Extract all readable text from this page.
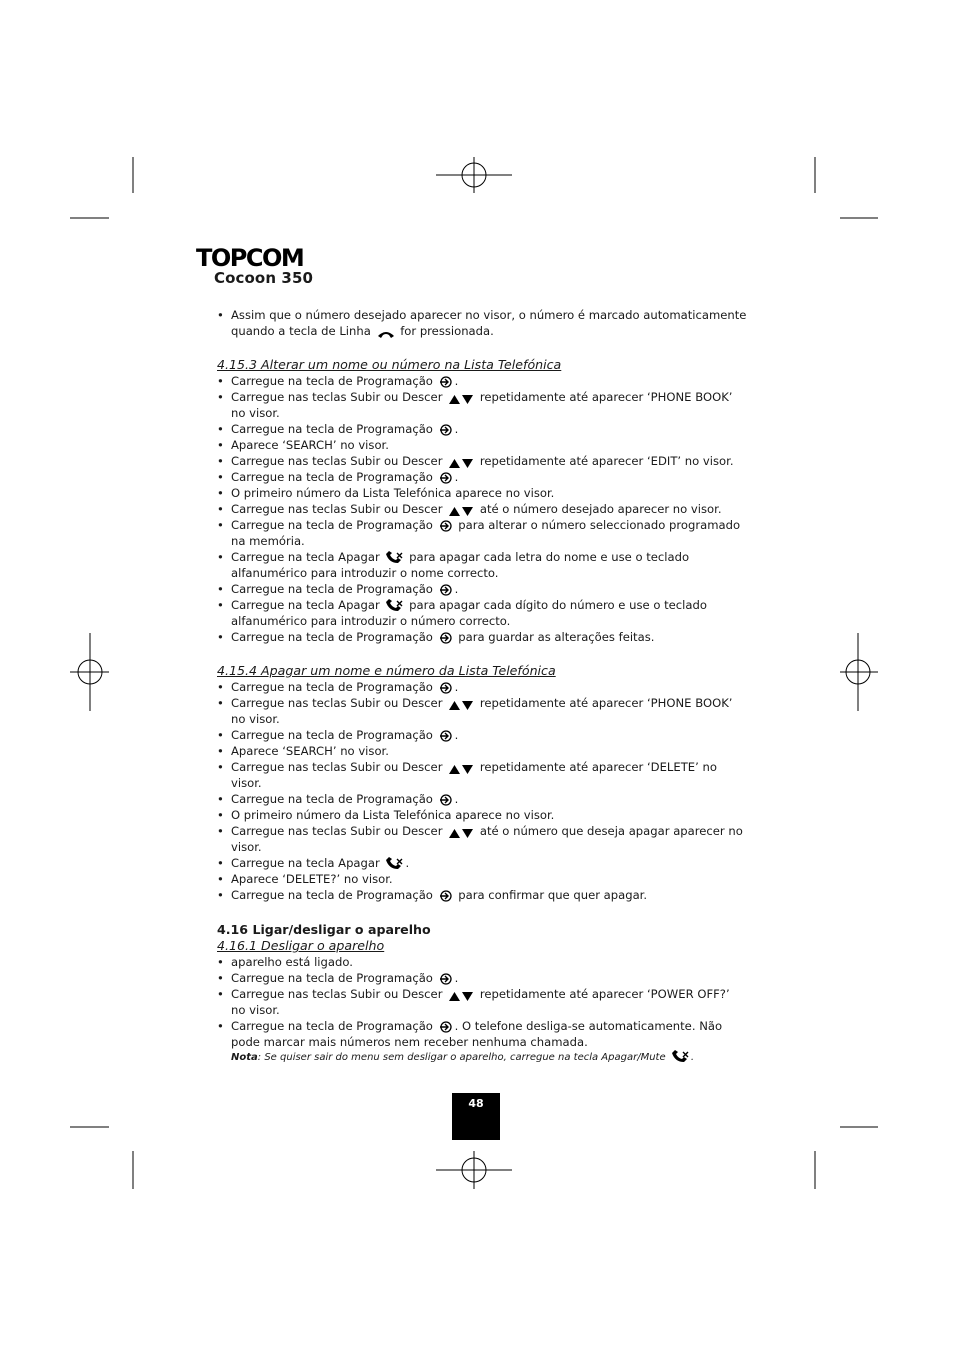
TOPCOM
Cocoon 350
• Assim que o número desejado aparecer no visor, o número é marcado automaticamente quando a tecla de Linha	for pressionada.
4.15.3 Alterar um nome ou número na Lista Telefónica
• Carregue na tecla de Programação .
• Carregue nas teclas Subir ou Descer	repetidamente até aparecer ‘PHONE BOOK’ no visor.
• Carregue na tecla de Programação .
• Aparece ‘SEARCH’ no visor.
• Carregue nas teclas Subir ou Descer	repetidamente até aparecer ‘EDIT’ no visor.
• Carregue na tecla de Programação .
• O primeiro número da Lista Telefónica aparece no visor.
• Carregue nas teclas Subir ou Descer	até o número desejado aparecer no visor.
• Carregue na tecla de Programação para alterar o número seleccionado programado na memória.
• Carregue na tecla Apagar	para apagar cada letra do nome e use o teclado alfanumérico para introduzir o nome correcto.
• Carregue na tecla de Programação .
• Carregue na tecla Apagar	para apagar cada dígito do número e use o teclado alfanumérico para introduzir o número correcto.
• Carregue na tecla de Programação para guardar as alterações feitas.
4.15.4 Apagar um nome e número da Lista Telefónica
• Carregue na tecla de Programação .
• Carregue nas teclas Subir ou Descer	repetidamente até aparecer ‘PHONE BOOK’ no visor.
• Carregue na tecla de Programação .
• Aparece ‘SEARCH’ no visor.
• Carregue nas teclas Subir ou Descer	repetidamente até aparecer ‘DELETE’ no visor.
• Carregue na tecla de Programação .
• O primeiro número da Lista Telefónica aparece no visor.
• Carregue nas teclas Subir ou Descer	até o número que deseja apagar aparecer no visor.
• Carregue na tecla Apagar .
• Aparece ‘DELETE?’ no visor.
• Carregue na tecla de Programação para confirmar que quer apagar.
4.16 Ligar/desligar o aparelho
4.16.1 Desligar o aparelho
• aparelho está ligado.
• Carregue na tecla de Programação .
• Carregue nas teclas Subir ou Descer	repetidamente até aparecer ‘POWER OFF?’ no visor.
• Carregue na tecla de Programação . O telefone desliga-se automaticamente. Não pode marcar mais números nem receber nenhuma chamada.
Nota: Se quiser sair do menu sem desligar o aparelho, carregue na tecla Apagar/Mute	.
48
